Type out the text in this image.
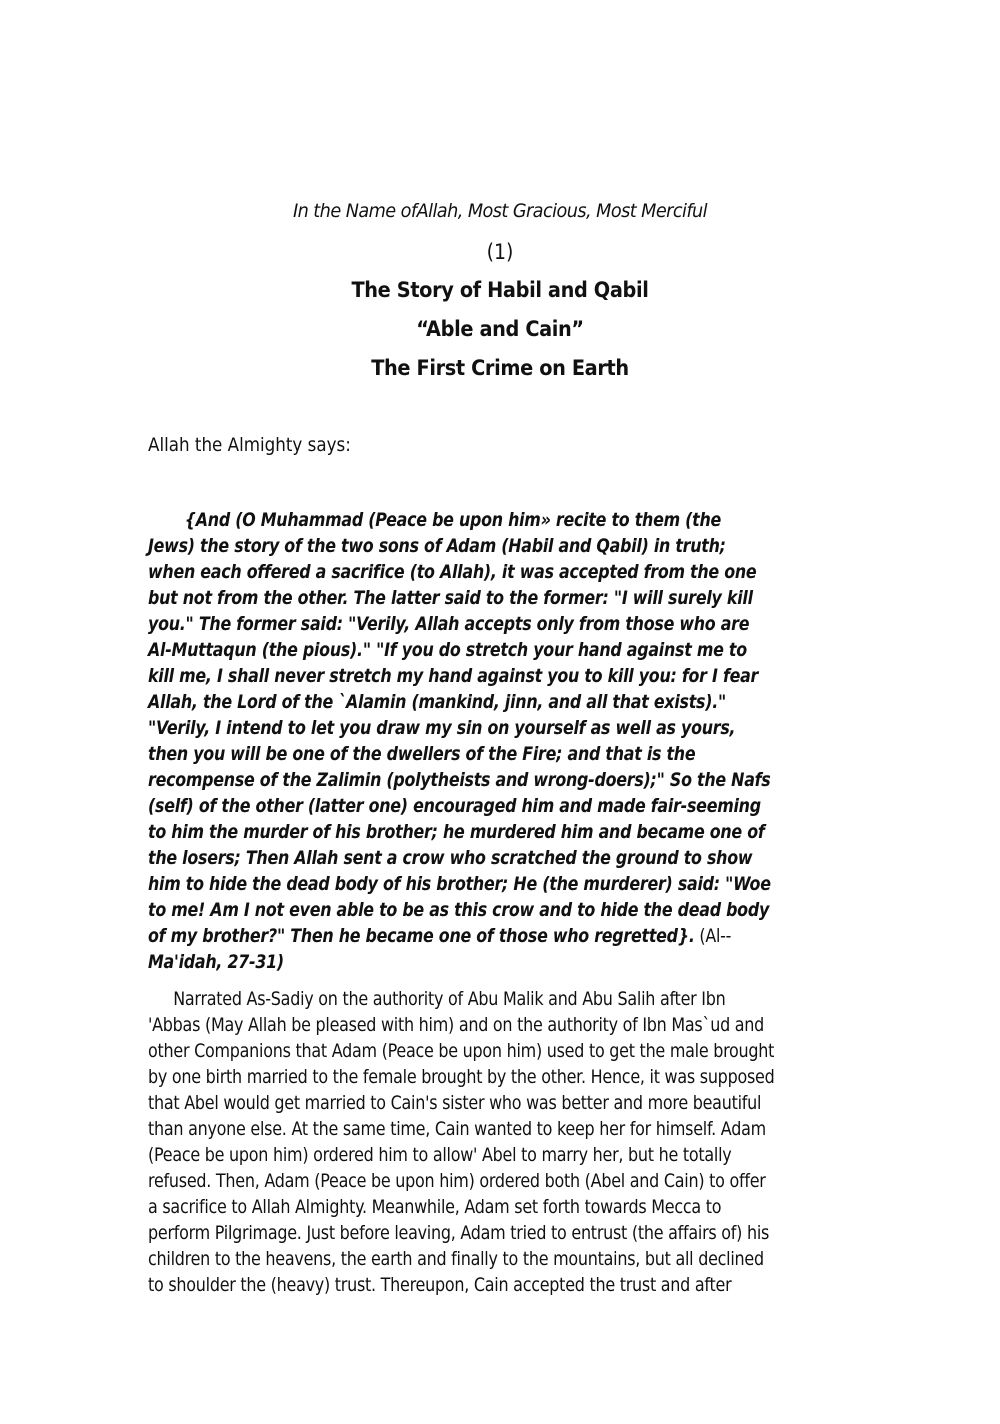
In the Name ofAllah, Most Gracious, Most Merciful
(1)
The Story of Habil and Qabil
“Able and Cain”
The First Crime on Earth
Allah the Almighty says:
{And (O Muhammad (Peace be upon him» recite to them (the
Jews) the story of the two sons of Adam (Habil and Qabil) in truth;
when each offered a sacrifice (to Allah), it was accepted from the one
but not from the other. The latter said to the former: "I will surely kill
you." The former said: "Verily, Allah accepts only from those who are
Al-Muttaqun (the pious)." "If you do stretch your hand against me to
kill me, I shall never stretch my hand against you to kill you: for I fear
Allah, the Lord of the `Alamin (mankind, jinn, and all that exists)."
"Verily, I intend to let you draw my sin on yourself as well as yours,
then you will be one of the dwellers of the Fire; and that is the
recompense of the Zalimin (polytheists and wrong-doers);" So the Nafs
(self) of the other (latter one) encouraged him and made fair-seeming
to him the murder of his brother; he murdered him and became one of
the losers; Then Allah sent a crow who scratched the ground to show
him to hide the dead body of his brother; He (the murderer) said: "Woe
to me! Am I not even able to be as this crow and to hide the dead body
of my brother?" Then he became one of those who regretted}. (Al--
Ma'idah, 27-31)
Narrated As-Sadiy on the authority of Abu Malik and Abu Salih after Ibn
'Abbas (May Allah be pleased with him) and on the authority of Ibn Mas`ud and
other Companions that Adam (Peace be upon him) used to get the male brought
by one birth married to the female brought by the other. Hence, it was supposed
that Abel would get married to Cain's sister who was better and more beautiful
than anyone else. At the same time, Cain wanted to keep her for himself. Adam
(Peace be upon him) ordered him to allow' Abel to marry her, but he totally
refused. Then, Adam (Peace be upon him) ordered both (Abel and Cain) to offer
a sacrifice to Allah Almighty. Meanwhile, Adam set forth towards Mecca to
perform Pilgrimage. Just before leaving, Adam tried to entrust (the affairs of) his
children to the heavens, the earth and finally to the mountains, but all declined
to shoulder the (heavy) trust. Thereupon, Cain accepted the trust and after
